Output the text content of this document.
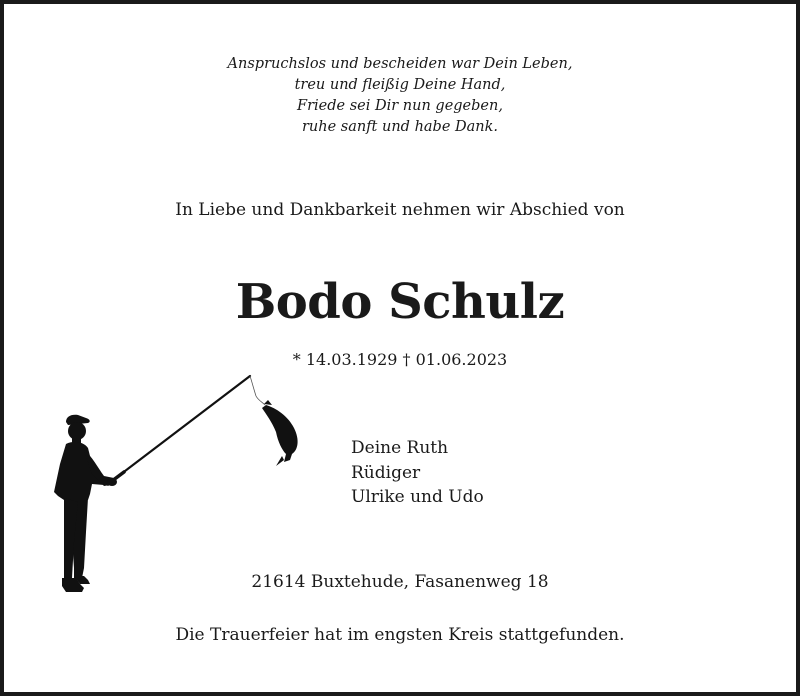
Anspruchslos und bescheiden war Dein Leben,
treu und fleißig Deine Hand,
Friede sei Dir nun gegeben,
ruhe sanft und habe Dank.
In Liebe und Dankbarkeit nehmen wir Abschied von
Bodo Schulz
* 14.03.1929 † 01.06.2023
Deine Ruth
Rüdiger
Ulrike und Udo
21614 Buxtehude, Fasanenweg 18
Die Trauerfeier hat im engsten Kreis stattgefunden.
